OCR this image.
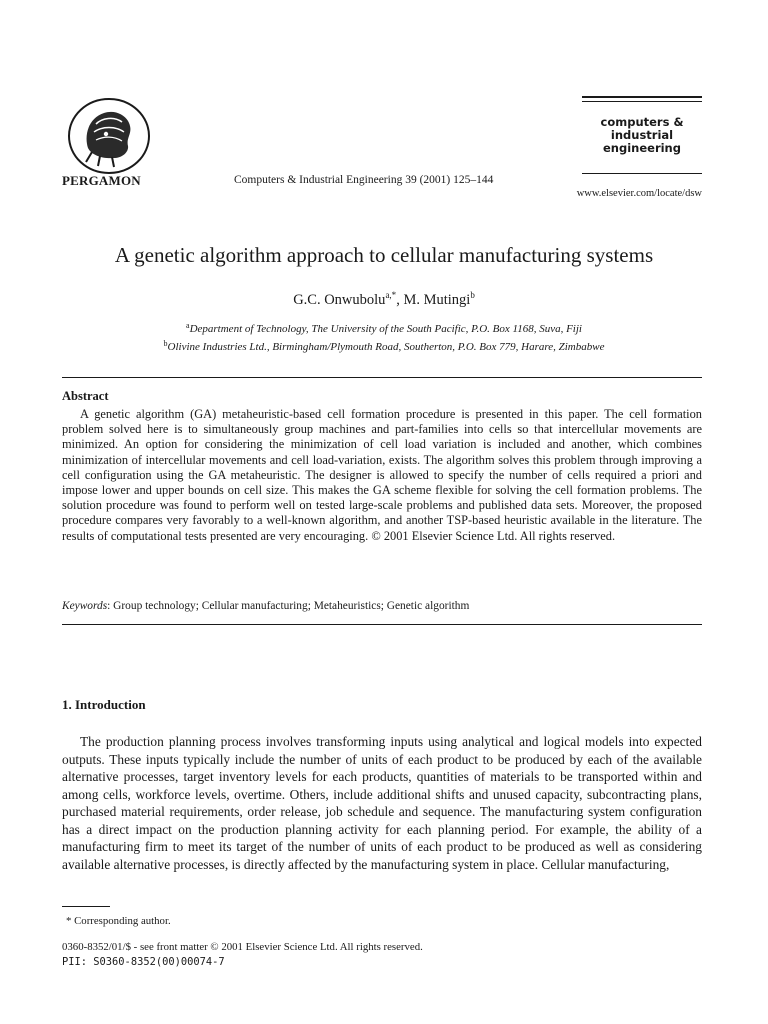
PERGAMON	Computers & Industrial Engineering 39 (2001) 125–144
computers &
industrial
engineering
www.elsevier.com/locate/dsw
A genetic algorithm approach to cellular manufacturing systems
G.C. Onwubolu$^{a,*}$, M. Mutingi$^b$
$^a$Department of Technology, The University of the South Pacific, P.O. Box 1168, Suva, Fiji
$^b$Olivine Industries Ltd., Birmingham/Plymouth Road, Southerton, P.O. Box 779, Harare, Zimbabwe
Abstract
A genetic algorithm (GA) metaheuristic-based cell formation procedure is presented in this paper. The cell formation problem solved here is to simultaneously group machines and part-families into cells so that intercellular movements are minimized. An option for considering the minimization of cell load variation is included and another, which combines minimization of intercellular movements and cell load-variation, exists. The algorithm solves this problem through improving a cell configuration using the GA metaheuristic. The designer is allowed to specify the number of cells required a priori and impose lower and upper bounds on cell size. This makes the GA scheme flexible for solving the cell formation problems. The solution procedure was found to perform well on tested large-scale problems and published data sets. Moreover, the proposed procedure compares very favorably to a well-known algorithm, and another TSP-based heuristic available in the literature. The results of computational tests presented are very encouraging. © 2001 Elsevier Science Ltd. All rights reserved.
Keywords: Group technology; Cellular manufacturing; Metaheuristics; Genetic algorithm
1. Introduction
The production planning process involves transforming inputs using analytical and logical models into expected outputs. These inputs typically include the number of units of each product to be produced by each of the available alternative processes, target inventory levels for each products, quantities of materials to be transported within and among cells, workforce levels, overtime. Others, include additional shifts and unused capacity, subcontracting plans, purchased material requirements, order release, job schedule and sequence. The manufacturing system configuration has a direct impact on the production planning activity for each planning period. For example, the ability of a manufacturing firm to meet its target of the number of units of each product to be produced as well as considering available alternative processes, is directly affected by the manufacturing system in place. Cellular manufacturing,
* Corresponding author.
0360-8352/01/$ - see front matter © 2001 Elsevier Science Ltd. All rights reserved.
PII: S0360-8352(00)00074-7
